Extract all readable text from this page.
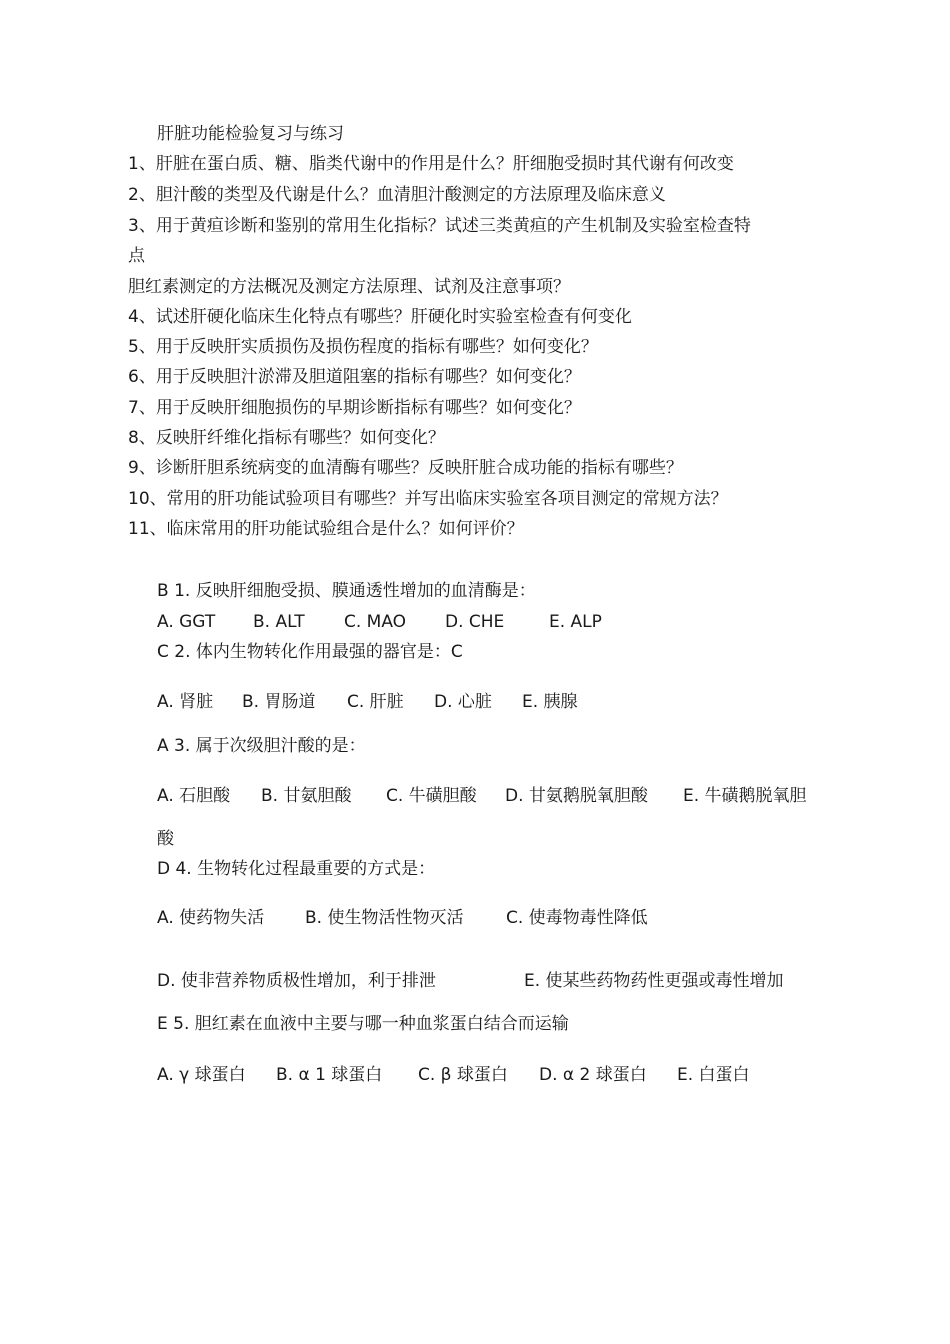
肝脏功能检验复习与练习
1、肝脏在蛋白质、糖、脂类代谢中的作用是什么？肝细胞受损时其代谢有何改变
2、胆汁酸的类型及代谢是什么？血清胆汁酸测定的方法原理及临床意义
3、用于黄疸诊断和鉴别的常用生化指标？试述三类黄疸的产生机制及实验室检查特
点
胆红素测定的方法概况及测定方法原理、试剂及注意事项？
4、试述肝硬化临床生化特点有哪些？肝硬化时实验室检查有何变化
5、用于反映肝实质损伤及损伤程度的指标有哪些？如何变化？
6、用于反映胆汁淤滞及胆道阻塞的指标有哪些？如何变化？
7、用于反映肝细胞损伤的早期诊断指标有哪些？如何变化？
8、反映肝纤维化指标有哪些？如何变化？
9、诊断肝胆系统病变的血清酶有哪些？反映肝脏合成功能的指标有哪些？
10、常用的肝功能试验项目有哪些？并写出临床实验室各项目测定的常规方法？
11、临床常用的肝功能试验组合是什么？如何评价？
B 1. 反映肝细胞受损、膜通透性增加的血清酶是：
A. GGT B. ALT C. MAO D. CHE	E. ALP
C 2. 体内生物转化作用最强的器官是：C
A. 肾脏 B. 胃肠道 C. 肝脏 D. 心脏 E. 胰腺
A 3. 属于次级胆汁酸的是：
A. 石胆酸 B. 甘氨胆酸 C. 牛磺胆酸 D. 甘氨鹅脱氧胆酸 E. 牛磺鹅脱氧胆
酸
D 4. 生物转化过程最重要的方式是：
A. 使药物失活 B. 使生物活性物灭活	C. 使毒物毒性降低
D. 使非营养物质极性增加，利于排泄	E. 使某些药物药性更强或毒性增加
E 5. 胆红素在血液中主要与哪一种血浆蛋白结合而运输
A. γ 球蛋白 B. α 1 球蛋白 C. β 球蛋白 D. α 2 球蛋白 E. 白蛋白
